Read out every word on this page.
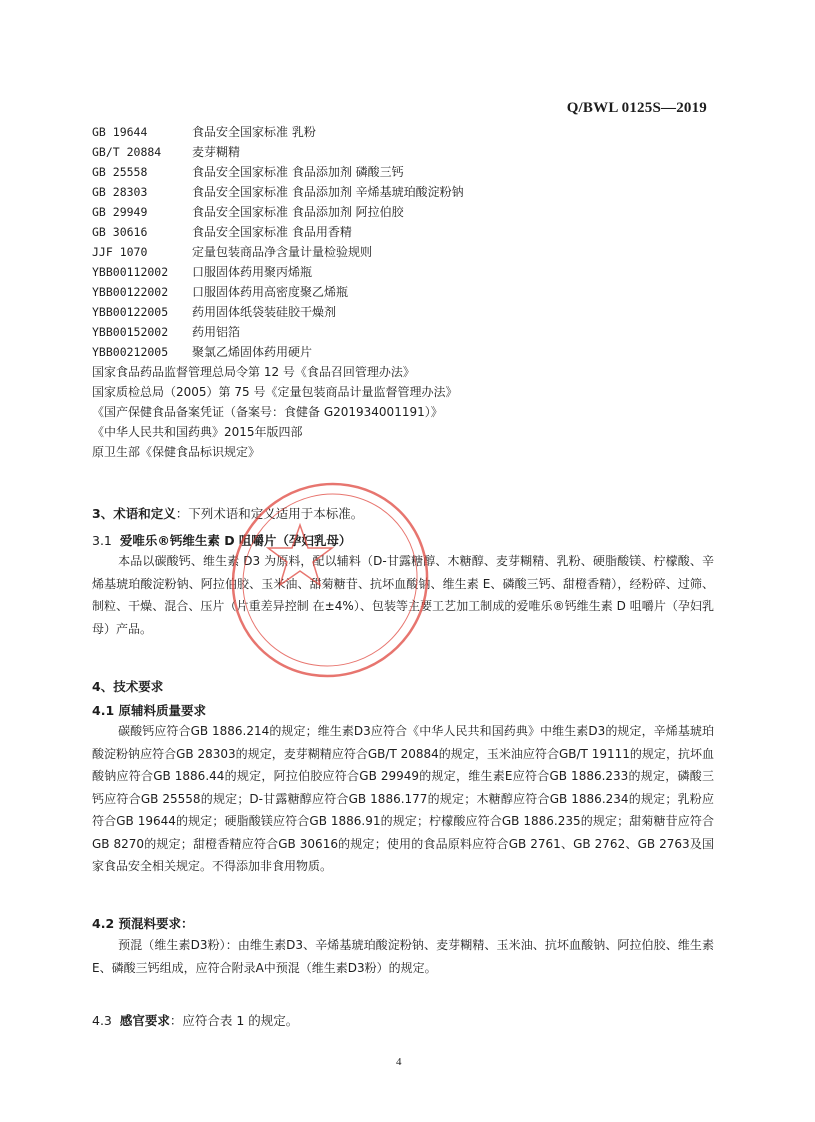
Q/BWL 0125S—2019
GB 19644	食品安全国家标准 乳粉
GB/T 20884	麦芽糊精
GB 25558	食品安全国家标准 食品添加剂 磷酸三钙
GB 28303	食品安全国家标准 食品添加剂 辛烯基琥珀酸淀粉钠
GB 29949	食品安全国家标准 食品添加剂 阿拉伯胶
GB 30616	食品安全国家标准 食品用香精
JJF 1070	定量包装商品净含量计量检验规则
YBB00112002 口服固体药用聚丙烯瓶
YBB00122002 口服固体药用高密度聚乙烯瓶
YBB00122005 药用固体纸袋装硅胶干燥剂
YBB00152002 药用铝箔
YBB00212005 聚氯乙烯固体药用硬片
国家食品药品监督管理总局令第 12 号《食品召回管理办法》
国家质检总局（2005）第 75 号《定量包装商品计量监督管理办法》
《国产保健食品备案凭证（备案号：食健备 G201934001191）》
《中华人民共和国药典》2015年版四部
原卫生部《保健食品标识规定》
3、术语和定义：下列术语和定义适用于本标准。
3.1 爱唯乐®钙维生素 D 咀嚼片（孕妇乳母）
本品以碳酸钙、维生素 D3 为原料，配以辅料（D-甘露糖醇、木糖醇、麦芽糊精、乳粉、硬脂酸镁、柠檬酸、辛烯基琥珀酸淀粉钠、阿拉伯胶、玉米油、甜菊糖苷、抗坏血酸钠、维生素 E、磷酸三钙、甜橙香精），经粉碎、过筛、制粒、干燥、混合、压片（片重差异控制 在±4%）、包装等主要工艺加工制成的爱唯乐®钙维生素 D 咀嚼片（孕妇乳母）产品。
4、技术要求
4.1 原辅料质量要求
碳酸钙应符合GB 1886.214的规定；维生素D3应符合《中华人民共和国药典》中维生素D3的规定，辛烯基琥珀酸淀粉钠应符合GB 28303的规定，麦芽糊精应符合GB/T 20884的规定，玉米油应符合GB/T 19111的规定，抗坏血酸钠应符合GB 1886.44的规定，阿拉伯胶应符合GB 29949的规定，维生素E应符合GB 1886.233的规定，磷酸三钙应符合GB 25558的规定；D-甘露糖醇应符合GB 1886.177的规定；木糖醇应符合GB 1886.234的规定；乳粉应符合GB 19644的规定；硬脂酸镁应符合GB 1886.91的规定；柠檬酸应符合GB 1886.235的规定；甜菊糖苷应符合GB 8270的规定；甜橙香精应符合GB 30616的规定；使用的食品原料应符合GB 2761、GB 2762、GB 2763及国家食品安全相关规定。不得添加非食用物质。
4.2 预混料要求：
预混（维生素D3粉）：由维生素D3、辛烯基琥珀酸淀粉钠、麦芽糊精、玉米油、抗坏血酸钠、阿拉伯胶、维生素E、磷酸三钙组成，应符合附录A中预混（维生素D3粉）的规定。
4.3 感官要求：应符合表 1 的规定。
4
